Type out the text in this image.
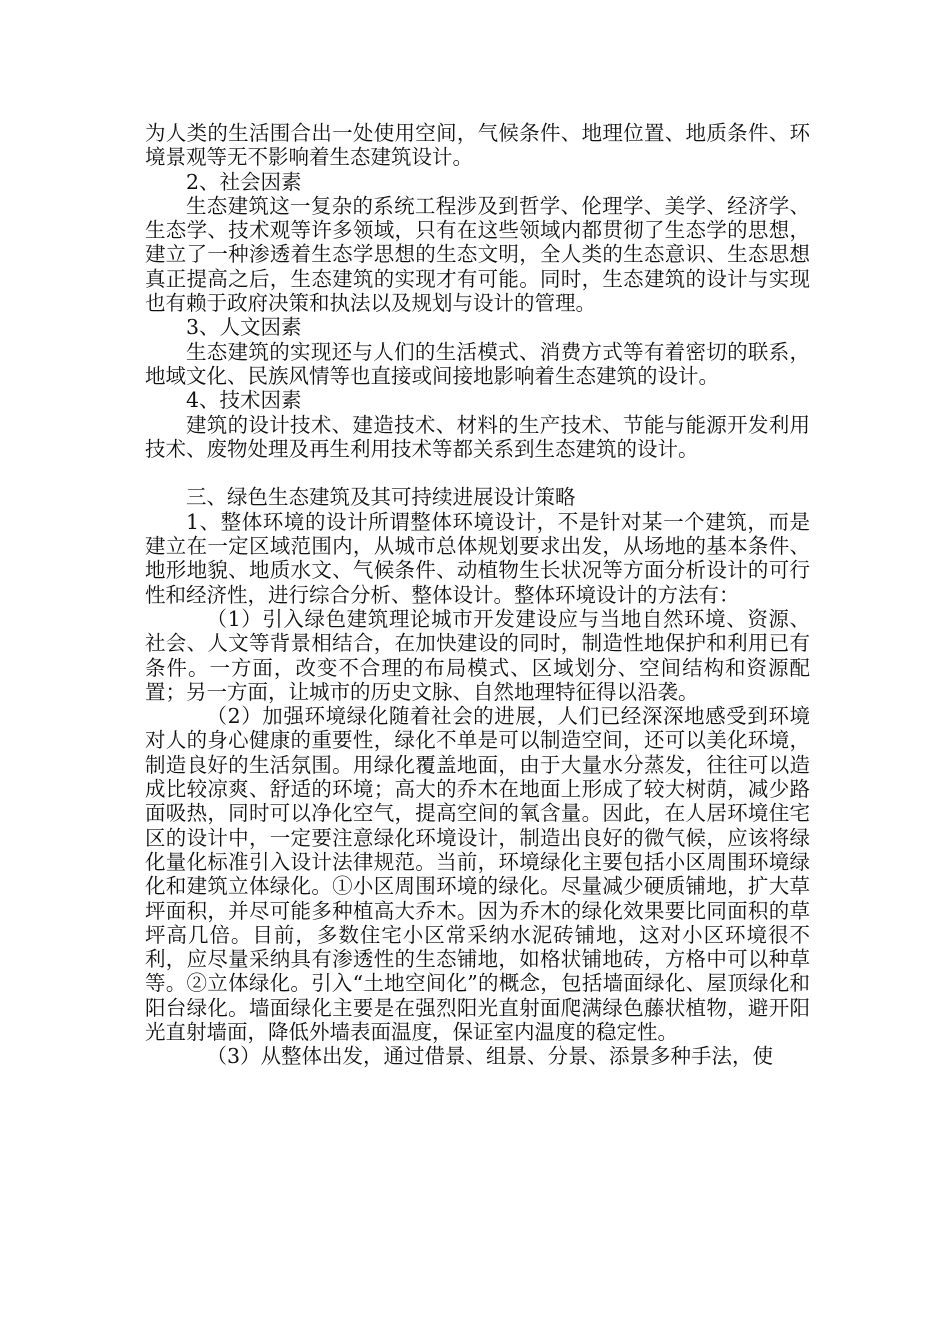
为人类的生活围合出一处使用空间，气候条件、地理位置、地质条件、环境景观等无不影响着生态建筑设计。

2、社会因素

生态建筑这一复杂的系统工程涉及到哲学、伦理学、美学、经济学、生态学、技术观等许多领域，只有在这些领域内都贯彻了生态学的思想，建立了一种渗透着生态学思想的生态文明，全人类的生态意识、生态思想真正提高之后，生态建筑的实现才有可能。同时，生态建筑的设计与实现也有赖于政府决策和执法以及规划与设计的管理。

3、人文因素

生态建筑的实现还与人们的生活模式、消费方式等有着密切的联系，地域文化、民族风情等也直接或间接地影响着生态建筑的设计。

4、技术因素

建筑的设计技术、建造技术、材料的生产技术、节能与能源开发利用技术、废物处理及再生利用技术等都关系到生态建筑的设计。

三、绿色生态建筑及其可持续进展设计策略

1、整体环境的设计所谓整体环境设计，不是针对某一个建筑，而是建立在一定区域范围内，从城市总体规划要求出发，从场地的基本条件、地形地貌、地质水文、气候条件、动植物生长状况等方面分析设计的可行性和经济性，进行综合分析、整体设计。整体环境设计的方法有：

（1）引入绿色建筑理论城市开发建设应与当地自然环境、资源、社会、人文等背景相结合，在加快建设的同时，制造性地保护和利用已有条件。一方面，改变不合理的布局模式、区域划分、空间结构和资源配置；另一方面，让城市的历史文脉、自然地理特征得以沿袭。

（2）加强环境绿化随着社会的进展，人们已经深深地感受到环境对人的身心健康的重要性，绿化不单是可以制造空间，还可以美化环境，制造良好的生活氛围。用绿化覆盖地面，由于大量水分蒸发，往往可以造成比较凉爽、舒适的环境；高大的乔木在地面上形成了较大树荫，减少路面吸热，同时可以净化空气，提高空间的氧含量。因此，在人居环境住宅区的设计中，一定要注意绿化环境设计，制造出良好的微气候，应该将绿化量化标准引入设计法律规范。当前，环境绿化主要包括小区周围环境绿化和建筑立体绿化。①小区周围环境的绿化。尽量减少硬质铺地，扩大草坪面积，并尽可能多种植高大乔木。因为乔木的绿化效果要比同面积的草坪高几倍。目前，多数住宅小区常采纳水泥砖铺地，这对小区环境很不利，应尽量采纳具有渗透性的生态铺地，如格状铺地砖，方格中可以种草等。②立体绿化。引入“土地空间化”的概念，包括墙面绿化、屋顶绿化和阳台绿化。墙面绿化主要是在强烈阳光直射面爬满绿色藤状植物，避开阳光直射墙面，降低外墙表面温度，保证室内温度的稳定性。

（3）从整体出发，通过借景、组景、分景、添景多种手法，使
